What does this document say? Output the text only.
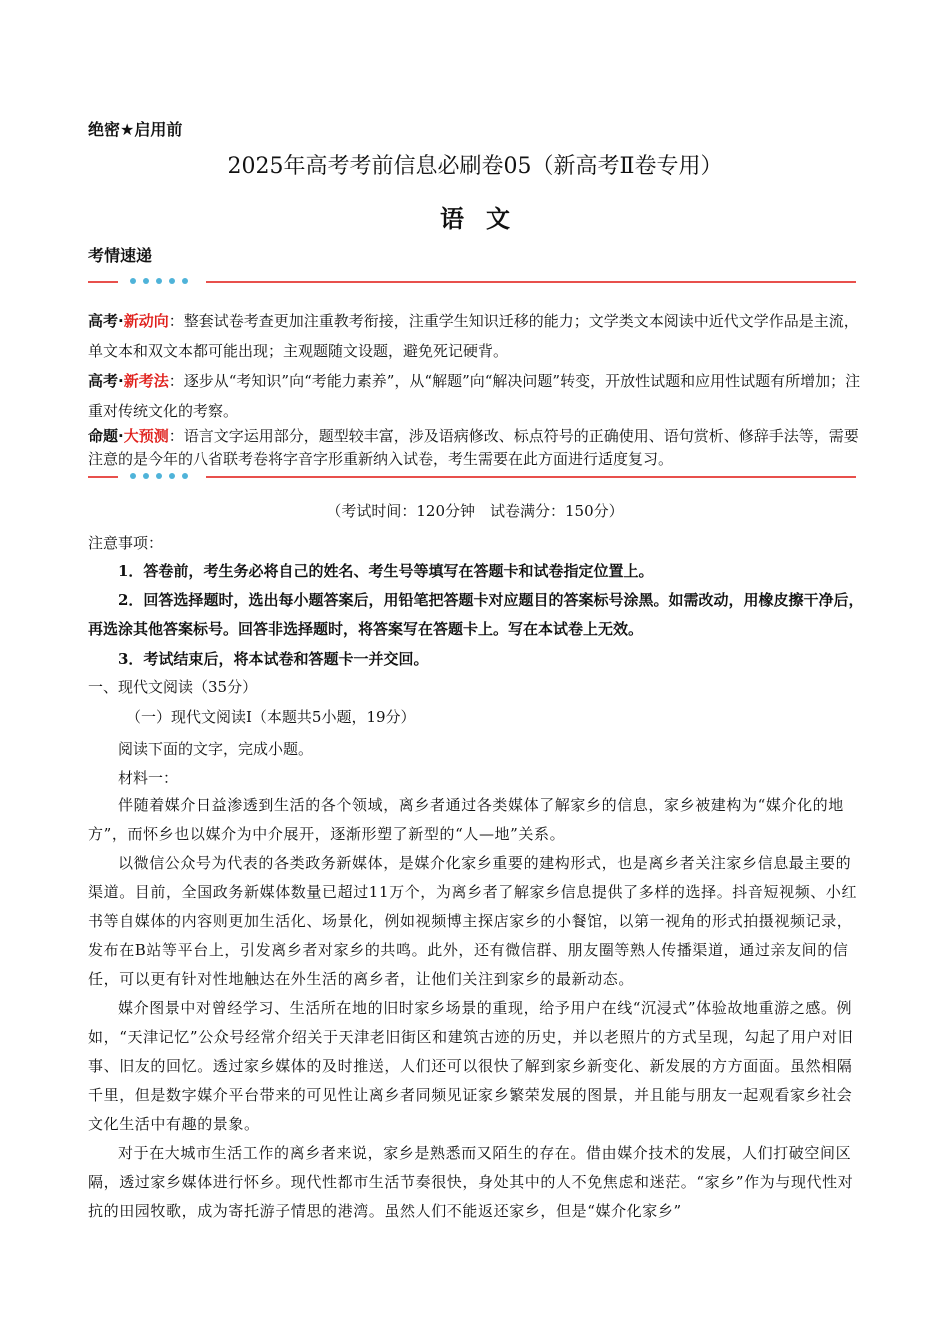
绝密★启用前
2025年高考考前信息必刷卷05（新高考Ⅱ卷专用）
语文
考情速递
高考·新动向：整套试卷考查更加注重教考衔接，注重学生知识迁移的能力；文学类文本阅读中近代文学作品是主流，单文本和双文本都可能出现；主观题随文设题，避免死记硬背。
高考·新考法：逐步从“考知识”向“考能力素养”，从“解题”向“解决问题”转变，开放性试题和应用性试题有所增加；注重对传统文化的考察。
命题·大预测：语言文字运用部分，题型较丰富，涉及语病修改、标点符号的正确使用、语句赏析、修辞手法等，需要注意的是今年的八省联考卷将字音字形重新纳入试卷，考生需要在此方面进行适度复习。
（考试时间：120分钟　试卷满分：150分）
注意事项：
1．答卷前，考生务必将自己的姓名、考生号等填写在答题卡和试卷指定位置上。
2．回答选择题时，选出每小题答案后，用铅笔把答题卡对应题目的答案标号涂黑。如需改动，用橡皮擦干净后，再选涂其他答案标号。回答非选择题时，将答案写在答题卡上。写在本试卷上无效。
3．考试结束后，将本试卷和答题卡一并交回。
一、现代文阅读（35分）
（一）现代文阅读Ⅰ（本题共5小题，19分）
阅读下面的文字，完成小题。
材料一：

伴随着媒介日益渗透到生活的各个领域，离乡者通过各类媒体了解家乡的信息，家乡被建构为“媒介化的地方”，而怀乡也以媒介为中介展开，逐渐形塑了新型的“人—地”关系。

以微信公众号为代表的各类政务新媒体，是媒介化家乡重要的建构形式，也是离乡者关注家乡信息最主要的渠道。目前，全国政务新媒体数量已超过11万个，为离乡者了解家乡信息提供了多样的选择。抖音短视频、小红书等自媒体的内容则更加生活化、场景化，例如视频博主探店家乡的小餐馆，以第一视角的形式拍摄视频记录，发布在B站等平台上，引发离乡者对家乡的共鸣。此外，还有微信群、朋友圈等熟人传播渠道，通过亲友间的信任，可以更有针对性地触达在外生活的离乡者，让他们关注到家乡的最新动态。

媒介图景中对曾经学习、生活所在地的旧时家乡场景的重现，给予用户在线“沉浸式”体验故地重游之感。例如，“天津记忆”公众号经常介绍关于天津老旧街区和建筑古迹的历史，并以老照片的方式呈现，勾起了用户对旧事、旧友的回忆。透过家乡媒体的及时推送，人们还可以很快了解到家乡新变化、新发展的方方面面。虽然相隔千里，但是数字媒介平台带来的可见性让离乡者同频见证家乡繁荣发展的图景，并且能与朋友一起观看家乡社会文化生活中有趣的景象。

对于在大城市生活工作的离乡者来说，家乡是熟悉而又陌生的存在。借由媒介技术的发展，人们打破空间区隔，透过家乡媒体进行怀乡。现代性都市生活节奏很快，身处其中的人不免焦虑和迷茫。“家乡”作为与现代性对抗的田园牧歌，成为寄托游子情思的港湾。虽然人们不能返还家乡，但是“媒介化家乡”
